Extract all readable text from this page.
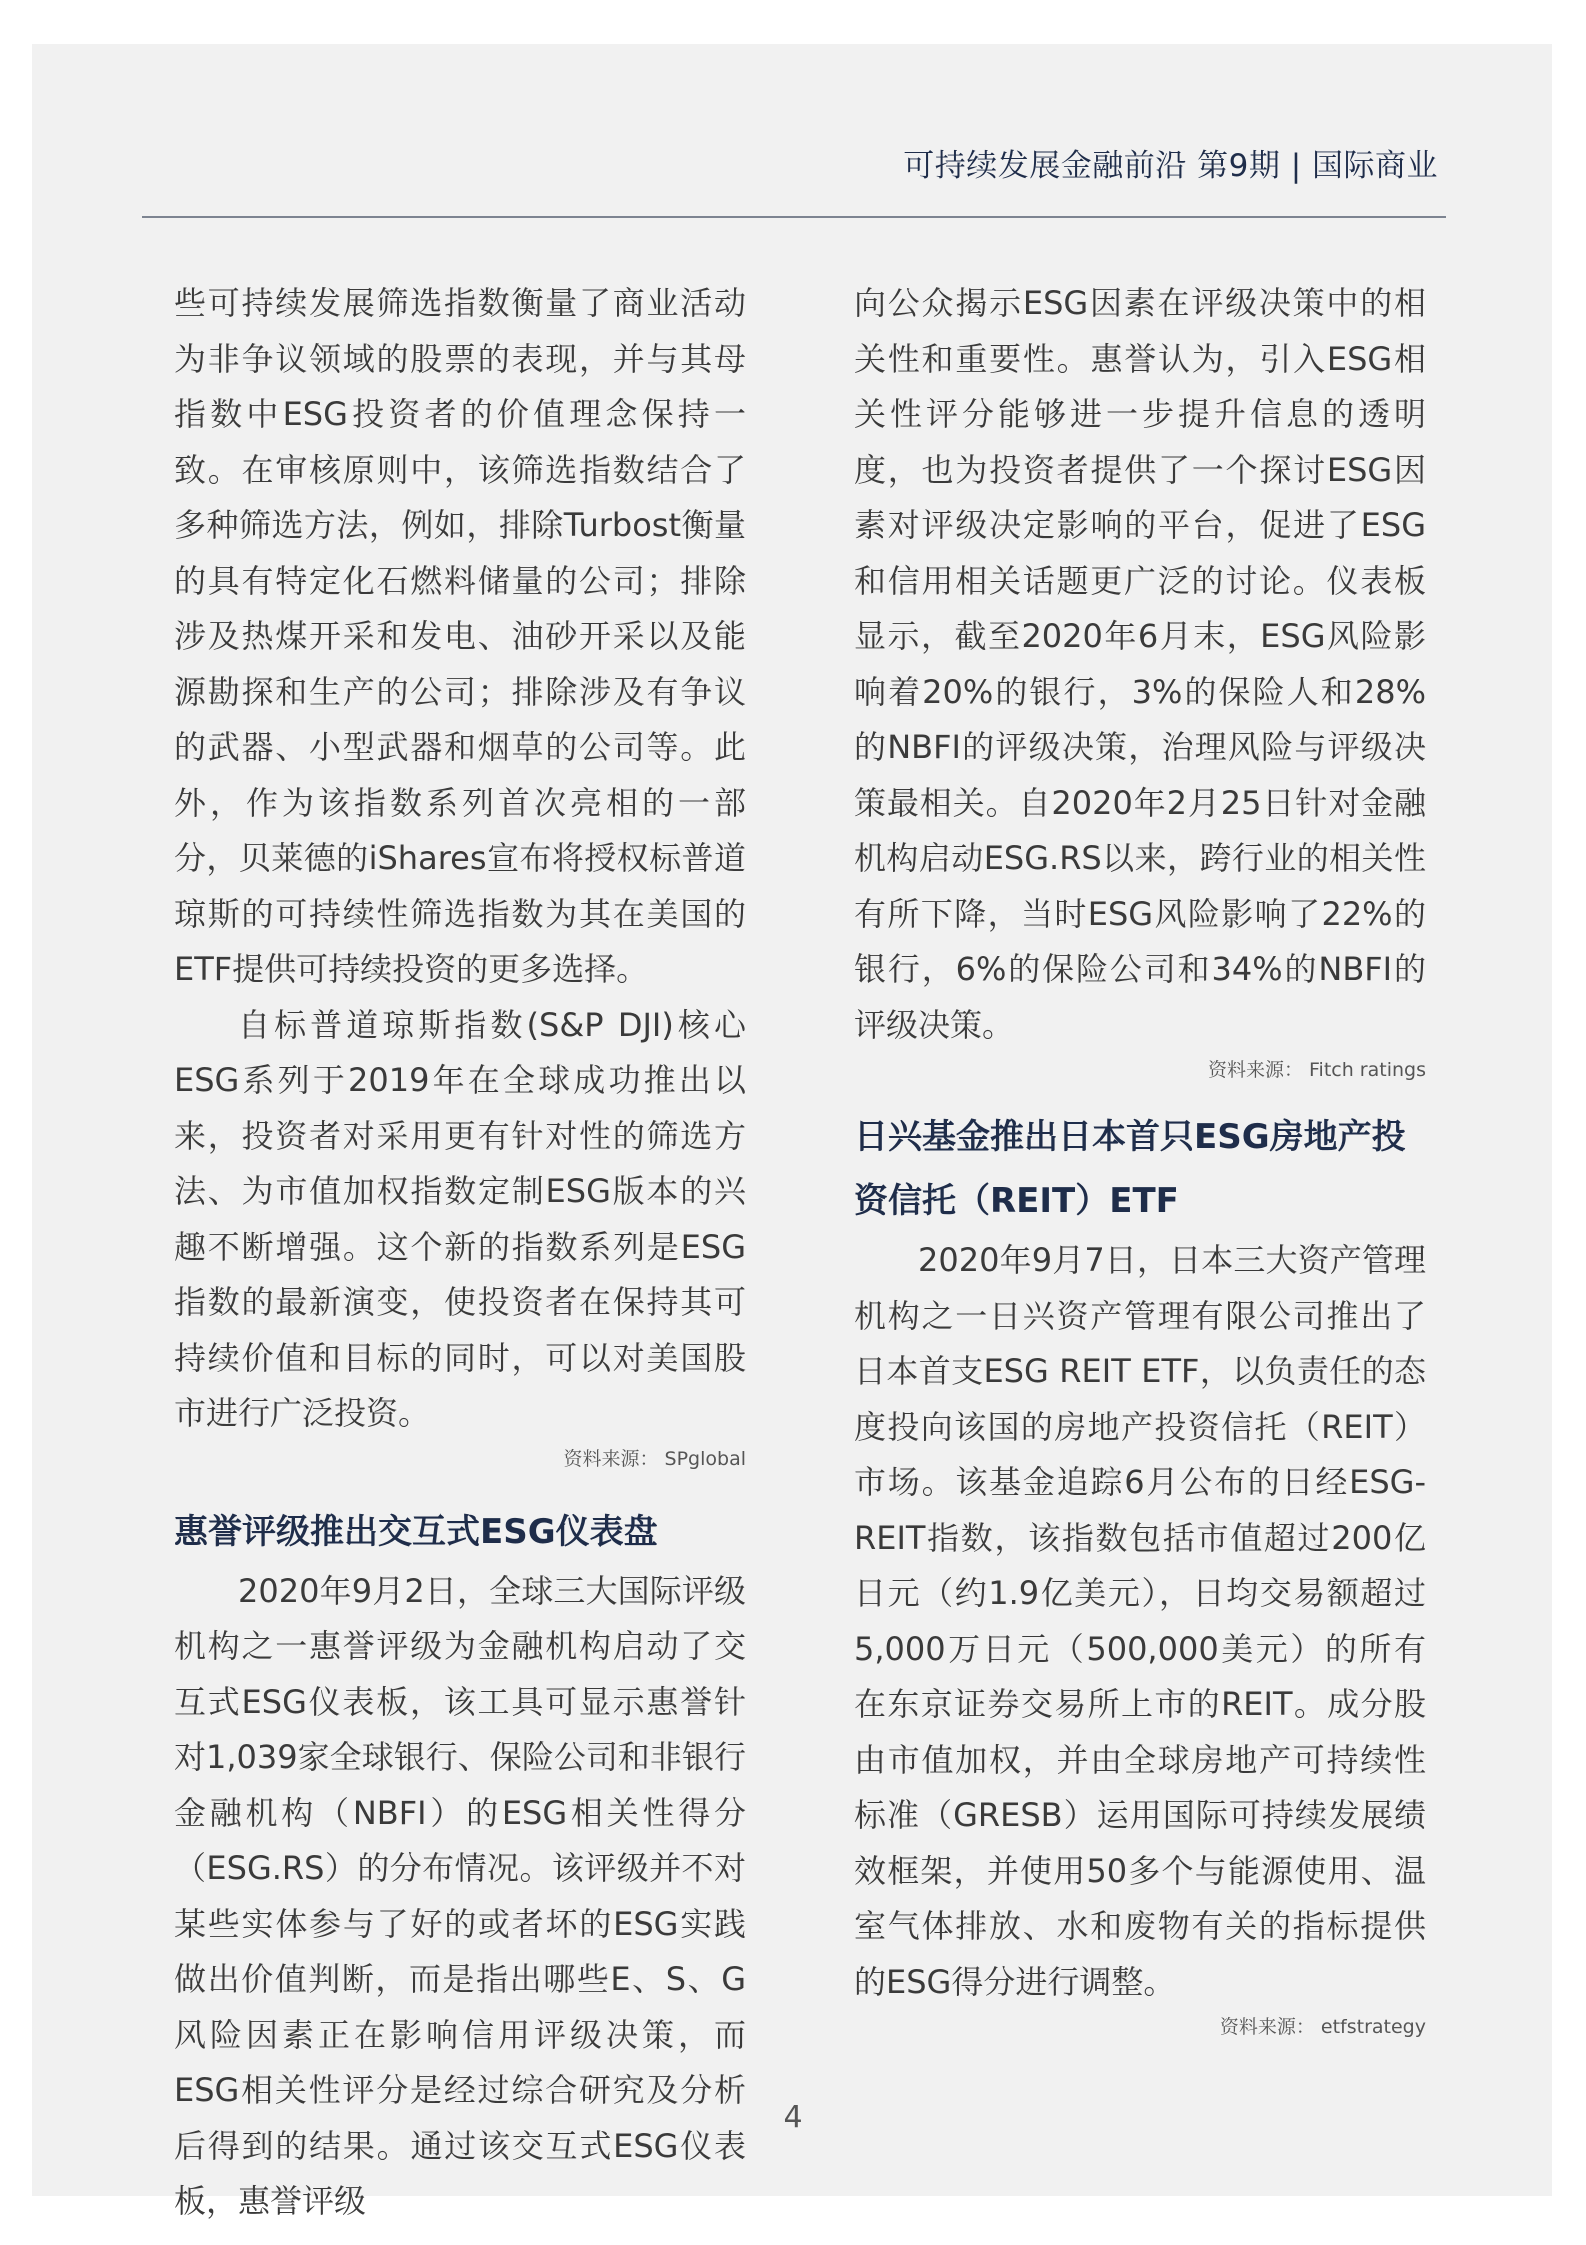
可持续发展金融前沿 第9期 | 国际商业

些可持续发展筛选指数衡量了商业活动为非争议领域的股票的表现，并与其母指数中ESG投资者的价值理念保持一致。在审核原则中，该筛选指数结合了多种筛选方法，例如，排除Turbost衡量的具有特定化石燃料储量的公司；排除涉及热煤开采和发电、油砂开采以及能源勘探和生产的公司；排除涉及有争议的武器、小型武器和烟草的公司等。此外，作为该指数系列首次亮相的一部分，贝莱德的iShares宣布将授权标普道琼斯的可持续性筛选指数为其在美国的ETF提供可持续投资的更多选择。

自标普道琼斯指数(S&P DJI)核心ESG系列于2019年在全球成功推出以来，投资者对采用更有针对性的筛选方法、为市值加权指数定制ESG版本的兴趣不断增强。这个新的指数系列是ESG指数的最新演变，使投资者在保持其可持续价值和目标的同时，可以对美国股市进行广泛投资。

资料来源： SPglobal

惠誉评级推出交互式ESG仪表盘

2020年9月2日，全球三大国际评级机构之一惠誉评级为金融机构启动了交互式ESG仪表板，该工具可显示惠誉针对1,039家全球银行、保险公司和非银行金融机构（NBFI）的ESG相关性得分（ESG.RS）的分布情况。该评级并不对某些实体参与了好的或者坏的ESG实践做出价值判断，而是指出哪些E、S、G风险因素正在影响信用评级决策，而ESG相关性评分是经过综合研究及分析后得到的结果。通过该交互式ESG仪表板，惠誉评级

向公众揭示ESG因素在评级决策中的相关性和重要性。惠誉认为，引入ESG相关性评分能够进一步提升信息的透明度，也为投资者提供了一个探讨ESG因素对评级决定影响的平台，促进了ESG和信用相关话题更广泛的讨论。仪表板显示，截至2020年6月末，ESG风险影响着20%的银行，3%的保险人和28%的NBFI的评级决策，治理风险与评级决策最相关。自2020年2月25日针对金融机构启动ESG.RS以来，跨行业的相关性有所下降，当时ESG风险影响了22%的银行，6%的保险公司和34%的NBFI的评级决策。

资料来源： Fitch ratings

日兴基金推出日本首只ESG房地产投资信托（REIT）ETF

2020年9月7日，日本三大资产管理机构之一日兴资产管理有限公司推出了日本首支ESG REIT ETF，以负责任的态度投向该国的房地产投资信托（REIT）市场。该基金追踪6月公布的日经ESG-REIT指数，该指数包括市值超过200亿日元（约1.9亿美元），日均交易额超过5,000万日元（500,000美元）的所有在东京证券交易所上市的REIT。成分股由市值加权，并由全球房地产可持续性标准（GRESB）运用国际可持续发展绩效框架，并使用50多个与能源使用、温室气体排放、水和废物有关的指标提供的ESG得分进行调整。

资料来源： etfstrategy

4
